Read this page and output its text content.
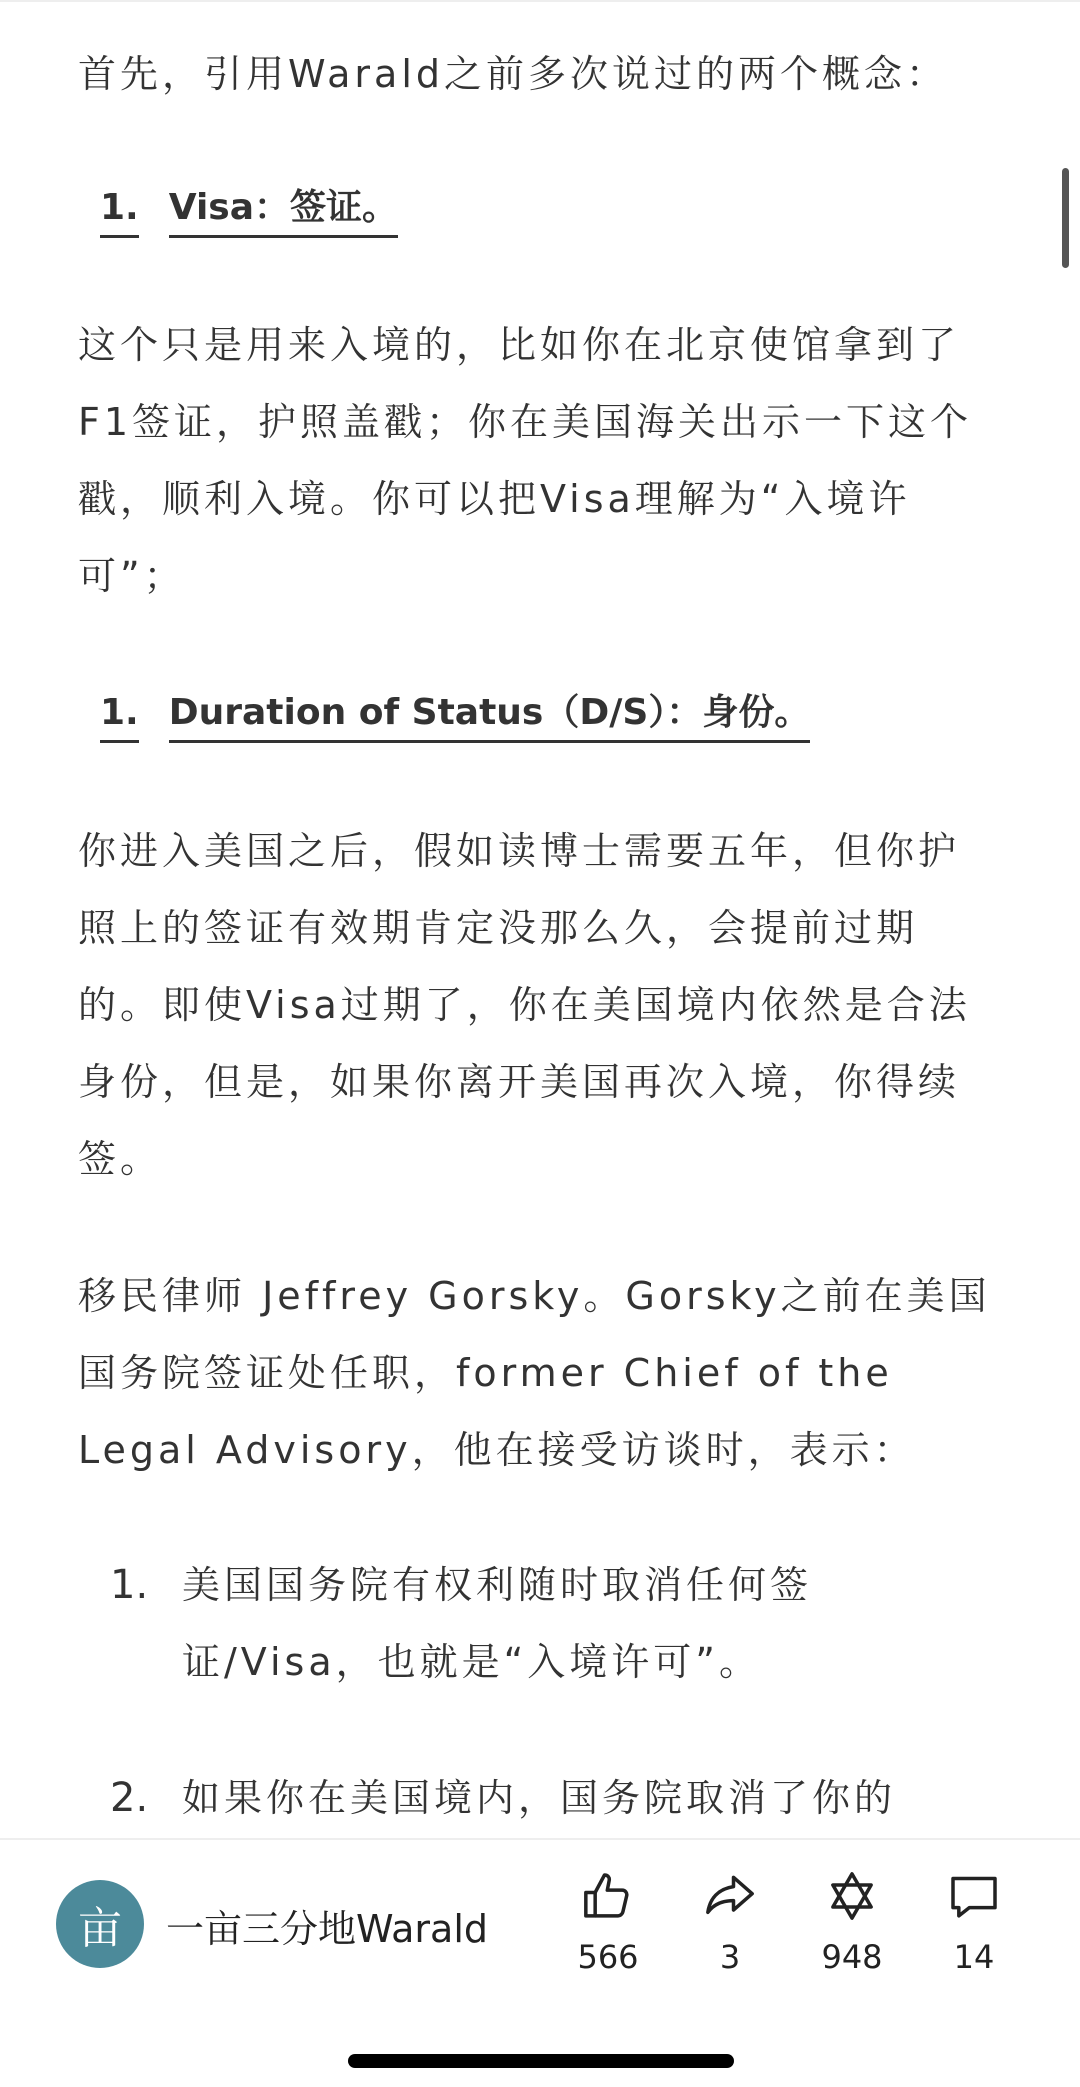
首先，引用Warald之前多次说过的两个概念：

1. Visa：签证。

这个只是用来入境的，比如你在北京使馆拿到了F1签证，护照盖戳；你在美国海关出示一下这个戳，顺利入境。你可以把Visa理解为“入境许可”；

1. Duration of Status（D/S）：身份。

你进入美国之后，假如读博士需要五年，但你护照上的签证有效期肯定没那么久，会提前过期的。即使Visa过期了，你在美国境内依然是合法身份，但是，如果你离开美国再次入境，你得续签。

移民律师 Jeffrey Gorsky。Gorsky之前在美国国务院签证处任职，former Chief of the Legal Advisory，他在接受访谈时，表示：

1. 美国国务院有权利随时取消任何签证/Visa，也就是“入境许可”。
2. 如果你在美国境内，国务院取消了你的
亩	一亩三分地Warald
566	3	948	14
